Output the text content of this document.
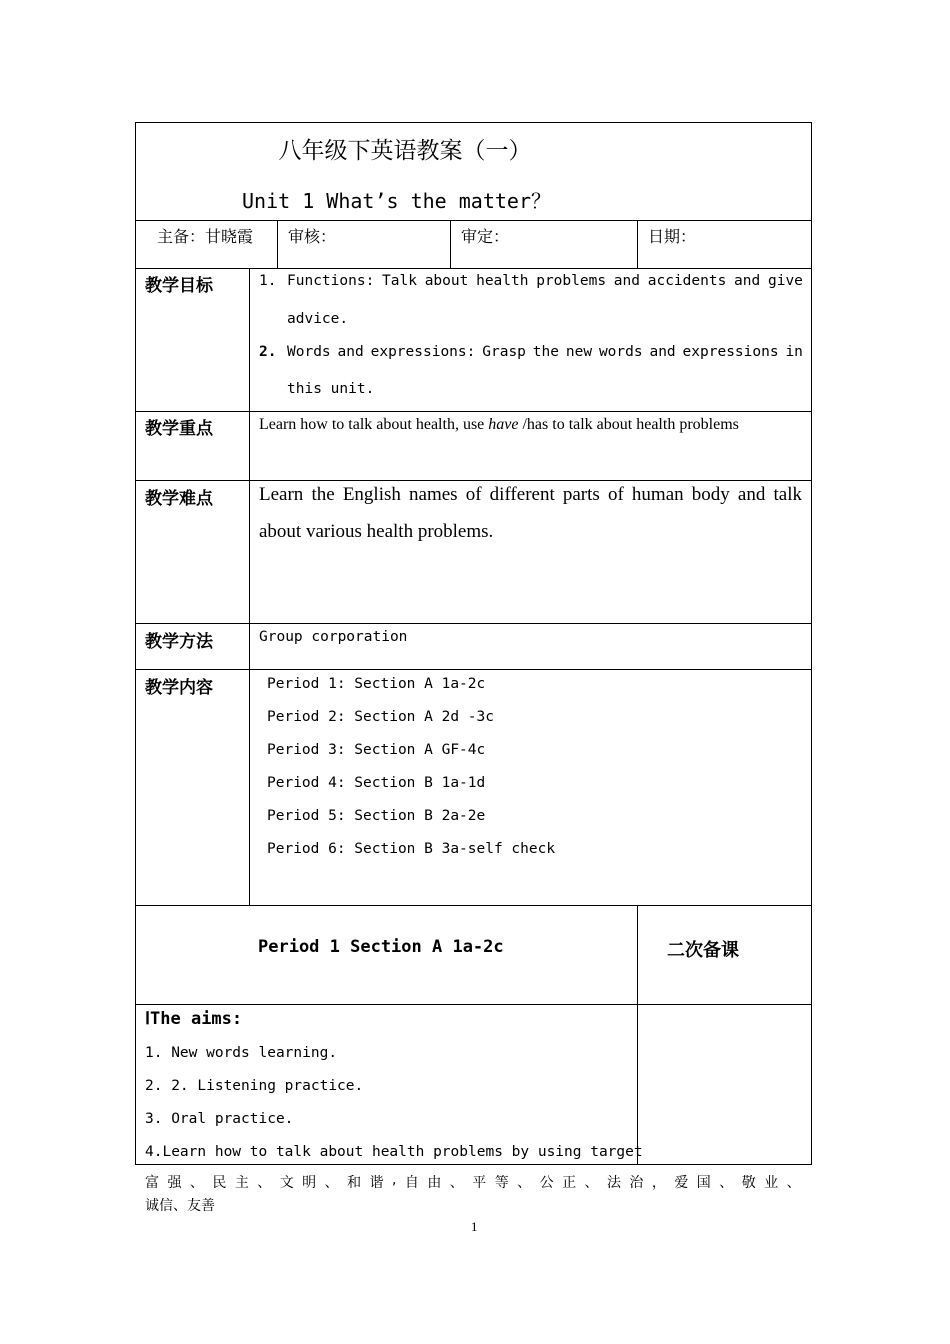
八年级下英语教案（一）
Unit 1 What’s the matter？
主备：甘晓霞 审核：	审定：	日期：
教学目标	1. Functions: Talk about health problems and accidents and give
advice.
2. Words and expressions: Grasp the new words and expressions in
this unit.
教学重点	Learn how to talk about health, use have /has to talk about health problems
教学难点 Learn the English names of different parts of human body and talk
about various health problems.
教学方法	Group corporation
教学内容	Period 1: Section A 1a-2c
Period 2: Section A 2d -3c
Period 3: Section A GF-4c
Period 4: Section B 1a-1d
Period 5: Section B 2a-2e
Period 6: Section B 3a-self check
Period 1 Section A 1a-2c	二次备课
ⅠThe aims:
1. New words learning.
2. 2. Listening practice.
3. Oral practice.
4.Learn how to talk about health problems by using target
富 强 、 民 主 、 文 明 、 和 谐 , 自 由 、 平 等 、 公 正 、 法 治 ， 爱 国 、 敬 业 、
诚信、友善
1
